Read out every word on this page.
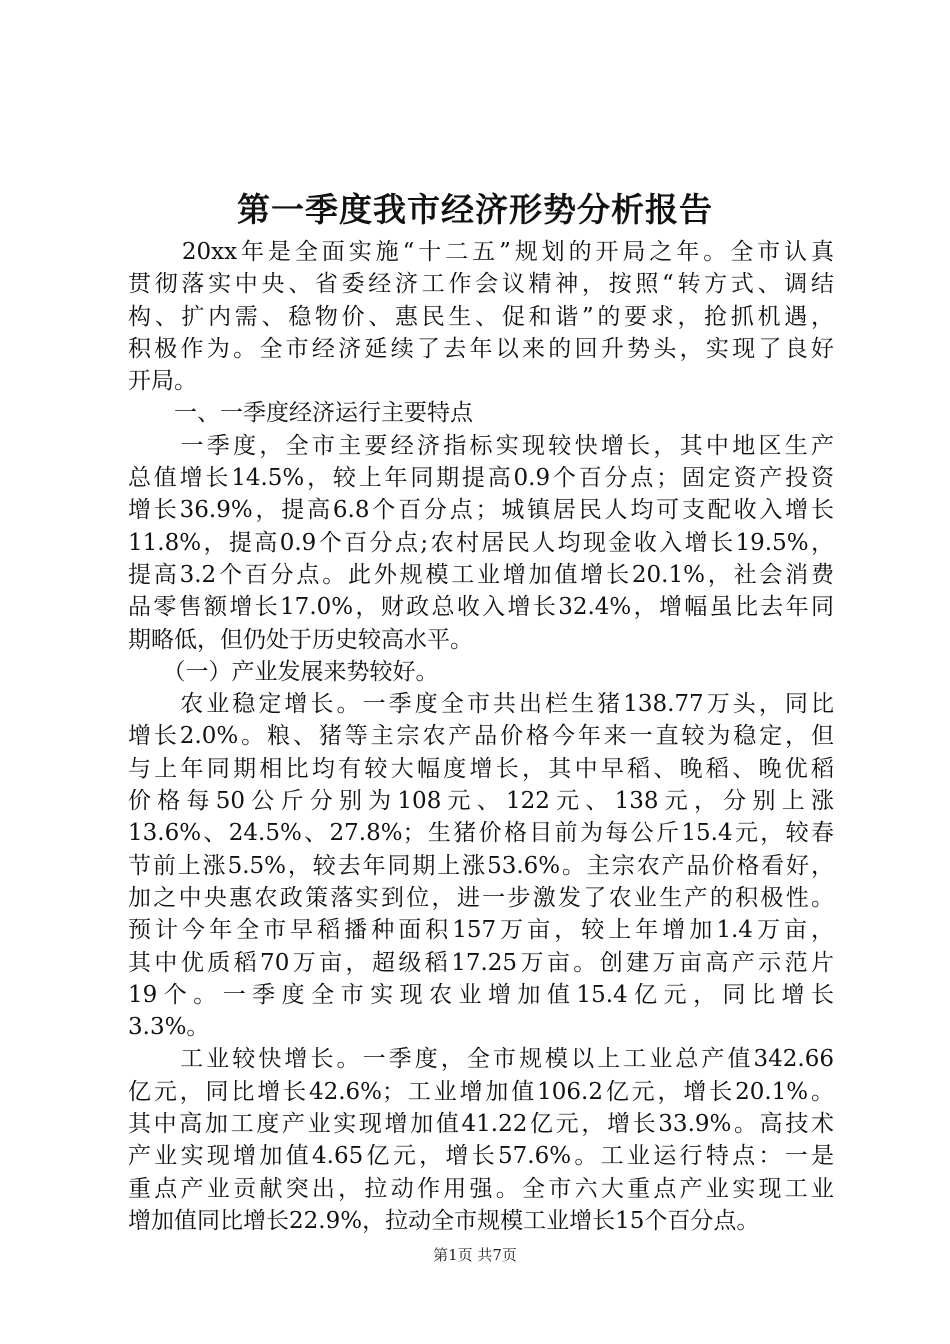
第一季度我市经济形势分析报告
　　20xx年是全面实施“十二五”规划的开局之年。全市认真
贯彻落实中央、省委经济工作会议精神，按照“转方式、调结
构、扩内需、稳物价、惠民生、促和谐”的要求，抢抓机遇，
积极作为。全市经济延续了去年以来的回升势头，实现了良好
开局。
　　一、一季度经济运行主要特点
　　一季度，全市主要经济指标实现较快增长，其中地区生产
总值增长14.5%，较上年同期提高0.9个百分点；固定资产投资
增长36.9%，提高6.8个百分点；城镇居民人均可支配收入增长
11.8%，提高0.9个百分点;农村居民人均现金收入增长19.5%，
提高3.2个百分点。此外规模工业增加值增长20.1%，社会消费
品零售额增长17.0%，财政总收入增长32.4%，增幅虽比去年同
期略低，但仍处于历史较高水平。
　　（一）产业发展来势较好。
　　农业稳定增长。一季度全市共出栏生猪138.77万头，同比
增长2.0%。粮、猪等主宗农产品价格今年来一直较为稳定，但
与上年同期相比均有较大幅度增长，其中早稻、晚稻、晚优稻
价格每50公斤分别为108元、122元、138元，分别上涨
13.6%、24.5%、27.8%；生猪价格目前为每公斤15.4元，较春
节前上涨5.5%，较去年同期上涨53.6%。主宗农产品价格看好，
加之中央惠农政策落实到位，进一步激发了农业生产的积极性。
预计今年全市早稻播种面积157万亩，较上年增加1.4万亩，
其中优质稻70万亩，超级稻17.25万亩。创建万亩高产示范片
19个。一季度全市实现农业增加值15.4亿元，同比增长
3.3%。
　　工业较快增长。一季度，全市规模以上工业总产值342.66
亿元，同比增长42.6%；工业增加值106.2亿元，增长20.1%。
其中高加工度产业实现增加值41.22亿元，增长33.9%。高技术
产业实现增加值4.65亿元，增长57.6%。工业运行特点：一是
重点产业贡献突出，拉动作用强。全市六大重点产业实现工业
增加值同比增长22.9%，拉动全市规模工业增长15个百分点。
第1页 共7页
